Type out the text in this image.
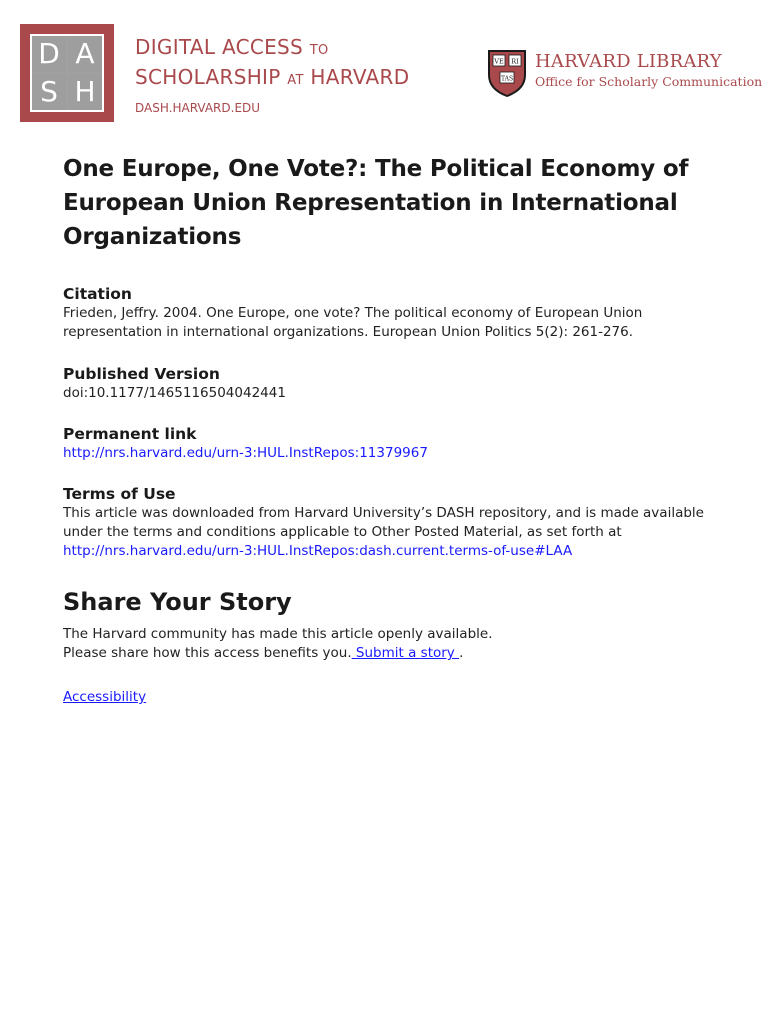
D A
S H
DIGITAL ACCESS TO
SCHOLARSHIP AT HARVARD
DASH.HARVARD.EDU
VE RI
TAS
HARVARD LIBRARY
Office for Scholarly Communication
One Europe, One Vote?: The Political Economy of European Union Representation in International Organizations

Citation

Frieden, Jeffry. 2004. One Europe, one vote? The political economy of European Union representation in international organizations. European Union Politics 5(2): 261-276.

Published Version

doi:10.1177/1465116504042441

Permanent link

http://nrs.harvard.edu/urn-3:HUL.InstRepos:11379967

Terms of Use

This article was downloaded from Harvard University’s DASH repository, and is made available under the terms and conditions applicable to Other Posted Material, as set forth at http://nrs.harvard.edu/urn-3:HUL.InstRepos:dash.current.terms-of-use#LAA

Share Your Story

The Harvard community has made this article openly available.

Please share how this access benefits you. Submit a story .

Accessibility
